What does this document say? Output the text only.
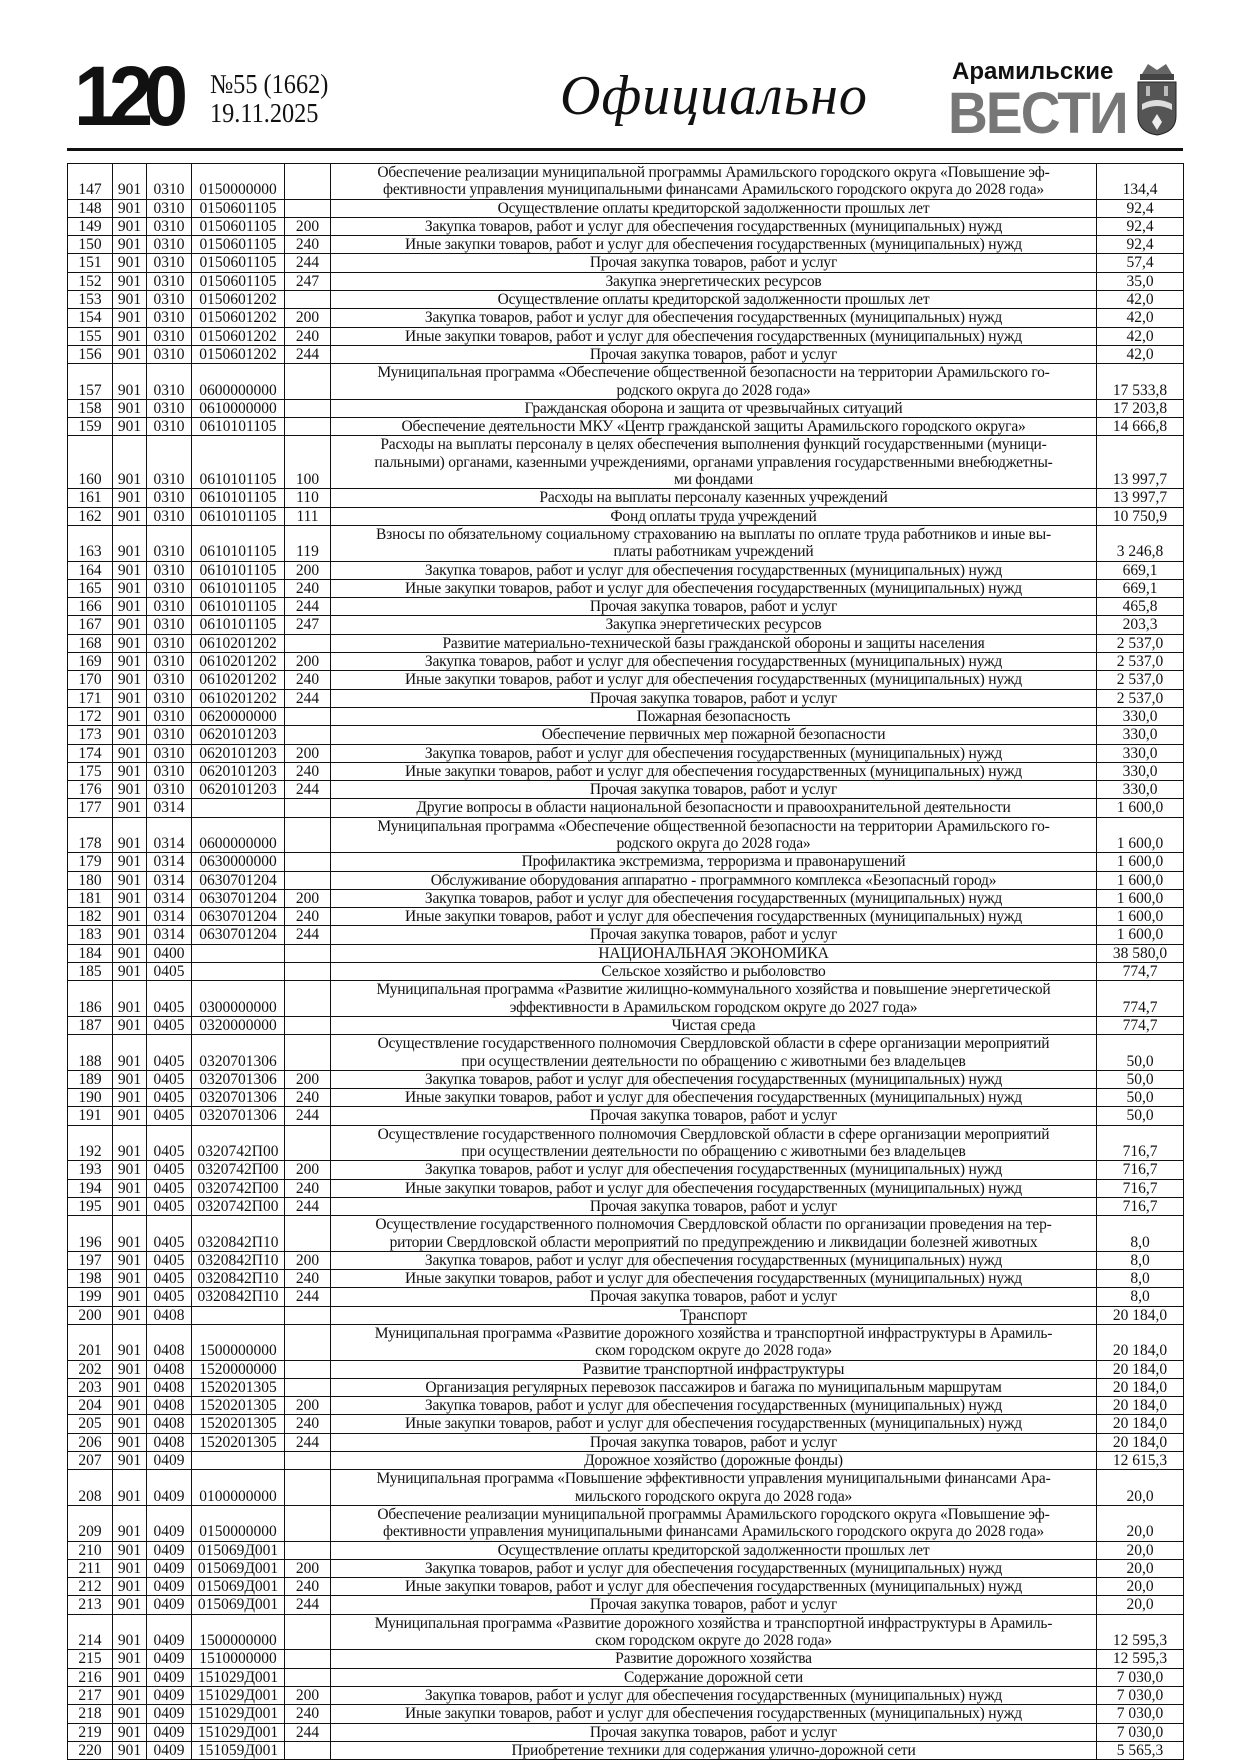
120 №55 (1662)
19.11.2025	Официально	Арамильские
ВЕСТИ
147	901	0310	0150000000		Обеспечение реализации муниципальной программы Арамильского городского округа «Повышение эф-
фективности управления муниципальными финансами Арамильского городского округа до 2028 года»	134,4
148	901	0310	0150601105		Осуществление оплаты кредиторской задолженности прошлых лет	92,4
149	901	0310	0150601105	200	Закупка товаров, работ и услуг для обеспечения государственных (муниципальных) нужд	92,4
150	901	0310	0150601105	240	Иные закупки товаров, работ и услуг для обеспечения государственных (муниципальных) нужд	92,4
151	901	0310	0150601105	244	Прочая закупка товаров, работ и услуг	57,4
152	901	0310	0150601105	247	Закупка энергетических ресурсов	35,0
153	901	0310	0150601202		Осуществление оплаты кредиторской задолженности прошлых лет	42,0
154	901	0310	0150601202	200	Закупка товаров, работ и услуг для обеспечения государственных (муниципальных) нужд	42,0
155	901	0310	0150601202	240	Иные закупки товаров, работ и услуг для обеспечения государственных (муниципальных) нужд	42,0
156	901	0310	0150601202	244	Прочая закупка товаров, работ и услуг	42,0
157	901	0310	0600000000		Муниципальная программа «Обеспечение общественной безопасности на территории Арамильского го-
родского округа до 2028 года»	17 533,8
158	901	0310	0610000000		Гражданская оборона и защита от чрезвычайных ситуаций	17 203,8
159	901	0310	0610101105		Обеспечение деятельности МКУ «Центр гражданской защиты Арамильского городского округа»	14 666,8
160	901	0310	0610101105	100	Расходы на выплаты персоналу в целях обеспечения выполнения функций государственными (муници-
пальными) органами, казенными учреждениями, органами управления государственными внебюджетны-
ми фондами	13 997,7
161	901	0310	0610101105	110	Расходы на выплаты персоналу казенных учреждений	13 997,7
162	901	0310	0610101105	111	Фонд оплаты труда учреждений	10 750,9
163	901	0310	0610101105	119	Взносы по обязательному социальному страхованию на выплаты по оплате труда работников и иные вы-
платы работникам учреждений	3 246,8
164	901	0310	0610101105	200	Закупка товаров, работ и услуг для обеспечения государственных (муниципальных) нужд	669,1
165	901	0310	0610101105	240	Иные закупки товаров, работ и услуг для обеспечения государственных (муниципальных) нужд	669,1
166	901	0310	0610101105	244	Прочая закупка товаров, работ и услуг	465,8
167	901	0310	0610101105	247	Закупка энергетических ресурсов	203,3
168	901	0310	0610201202		Развитие материально-технической базы гражданской обороны и защиты населения	2 537,0
169	901	0310	0610201202	200	Закупка товаров, работ и услуг для обеспечения государственных (муниципальных) нужд	2 537,0
170	901	0310	0610201202	240	Иные закупки товаров, работ и услуг для обеспечения государственных (муниципальных) нужд	2 537,0
171	901	0310	0610201202	244	Прочая закупка товаров, работ и услуг	2 537,0
172	901	0310	0620000000		Пожарная безопасность	330,0
173	901	0310	0620101203		Обеспечение первичных мер пожарной безопасности	330,0
174	901	0310	0620101203	200	Закупка товаров, работ и услуг для обеспечения государственных (муниципальных) нужд	330,0
175	901	0310	0620101203	240	Иные закупки товаров, работ и услуг для обеспечения государственных (муниципальных) нужд	330,0
176	901	0310	0620101203	244	Прочая закупка товаров, работ и услуг	330,0
177	901	0314			Другие вопросы в области национальной безопасности и правоохранительной деятельности	1 600,0
178	901	0314	0600000000		Муниципальная программа «Обеспечение общественной безопасности на территории Арамильского го-
родского округа до 2028 года»	1 600,0
179	901	0314	0630000000		Профилактика экстремизма, терроризма и правонарушений	1 600,0
180	901	0314	0630701204		Обслуживание оборудования аппаратно - программного комплекса «Безопасный город»	1 600,0
181	901	0314	0630701204	200	Закупка товаров, работ и услуг для обеспечения государственных (муниципальных) нужд	1 600,0
182	901	0314	0630701204	240	Иные закупки товаров, работ и услуг для обеспечения государственных (муниципальных) нужд	1 600,0
183	901	0314	0630701204	244	Прочая закупка товаров, работ и услуг	1 600,0
184	901	0400			НАЦИОНАЛЬНАЯ ЭКОНОМИКА	38 580,0
185	901	0405			Сельское хозяйство и рыболовство	774,7
186	901	0405	0300000000		Муниципальная программа «Развитие жилищно-коммунального хозяйства и повышение энергетической
эффективности в Арамильском городском округе до 2027 года»	774,7
187	901	0405	0320000000		Чистая среда	774,7
188	901	0405	0320701306		Осуществление государственного полномочия Свердловской области в сфере организации мероприятий
при осуществлении деятельности по обращению с животными без владельцев	50,0
189	901	0405	0320701306	200	Закупка товаров, работ и услуг для обеспечения государственных (муниципальных) нужд	50,0
190	901	0405	0320701306	240	Иные закупки товаров, работ и услуг для обеспечения государственных (муниципальных) нужд	50,0
191	901	0405	0320701306	244	Прочая закупка товаров, работ и услуг	50,0
192	901	0405	0320742П00		Осуществление государственного полномочия Свердловской области в сфере организации мероприятий
при осуществлении деятельности по обращению с животными без владельцев	716,7
193	901	0405	0320742П00	200	Закупка товаров, работ и услуг для обеспечения государственных (муниципальных) нужд	716,7
194	901	0405	0320742П00	240	Иные закупки товаров, работ и услуг для обеспечения государственных (муниципальных) нужд	716,7
195	901	0405	0320742П00	244	Прочая закупка товаров, работ и услуг	716,7
196	901	0405	0320842П10		Осуществление государственного полномочия Свердловской области по организации проведения на тер-
ритории Свердловской области мероприятий по предупреждению и ликвидации болезней животных	8,0
197	901	0405	0320842П10	200	Закупка товаров, работ и услуг для обеспечения государственных (муниципальных) нужд	8,0
198	901	0405	0320842П10	240	Иные закупки товаров, работ и услуг для обеспечения государственных (муниципальных) нужд	8,0
199	901	0405	0320842П10	244	Прочая закупка товаров, работ и услуг	8,0
200	901	0408			Транспорт	20 184,0
201	901	0408	1500000000		Муниципальная программа «Развитие дорожного хозяйства и транспортной инфраструктуры в Арамиль-
ском городском округе до 2028 года»	20 184,0
202	901	0408	1520000000		Развитие транспортной инфраструктуры	20 184,0
203	901	0408	1520201305		Организация регулярных перевозок пассажиров и багажа по муниципальным маршрутам	20 184,0
204	901	0408	1520201305	200	Закупка товаров, работ и услуг для обеспечения государственных (муниципальных) нужд	20 184,0
205	901	0408	1520201305	240	Иные закупки товаров, работ и услуг для обеспечения государственных (муниципальных) нужд	20 184,0
206	901	0408	1520201305	244	Прочая закупка товаров, работ и услуг	20 184,0
207	901	0409			Дорожное хозяйство (дорожные фонды)	12 615,3
208	901	0409	0100000000		Муниципальная программа «Повышение эффективности управления муниципальными финансами Ара-
мильского городского округа до 2028 года»	20,0
209	901	0409	0150000000		Обеспечение реализации муниципальной программы Арамильского городского округа «Повышение эф-
фективности управления муниципальными финансами Арамильского городского округа до 2028 года»	20,0
210	901	0409	015069Д001		Осуществление оплаты кредиторской задолженности прошлых лет	20,0
211	901	0409	015069Д001	200	Закупка товаров, работ и услуг для обеспечения государственных (муниципальных) нужд	20,0
212	901	0409	015069Д001	240	Иные закупки товаров, работ и услуг для обеспечения государственных (муниципальных) нужд	20,0
213	901	0409	015069Д001	244	Прочая закупка товаров, работ и услуг	20,0
214	901	0409	1500000000		Муниципальная программа «Развитие дорожного хозяйства и транспортной инфраструктуры в Арамиль-
ском городском округе до 2028 года»	12 595,3
215	901	0409	1510000000		Развитие дорожного хозяйства	12 595,3
216	901	0409	151029Д001		Содержание дорожной сети	7 030,0
217	901	0409	151029Д001	200	Закупка товаров, работ и услуг для обеспечения государственных (муниципальных) нужд	7 030,0
218	901	0409	151029Д001	240	Иные закупки товаров, работ и услуг для обеспечения государственных (муниципальных) нужд	7 030,0
219	901	0409	151029Д001	244	Прочая закупка товаров, работ и услуг	7 030,0
220	901	0409	151059Д001		Приобретение техники для содержания улично-дорожной сети	5 565,3
